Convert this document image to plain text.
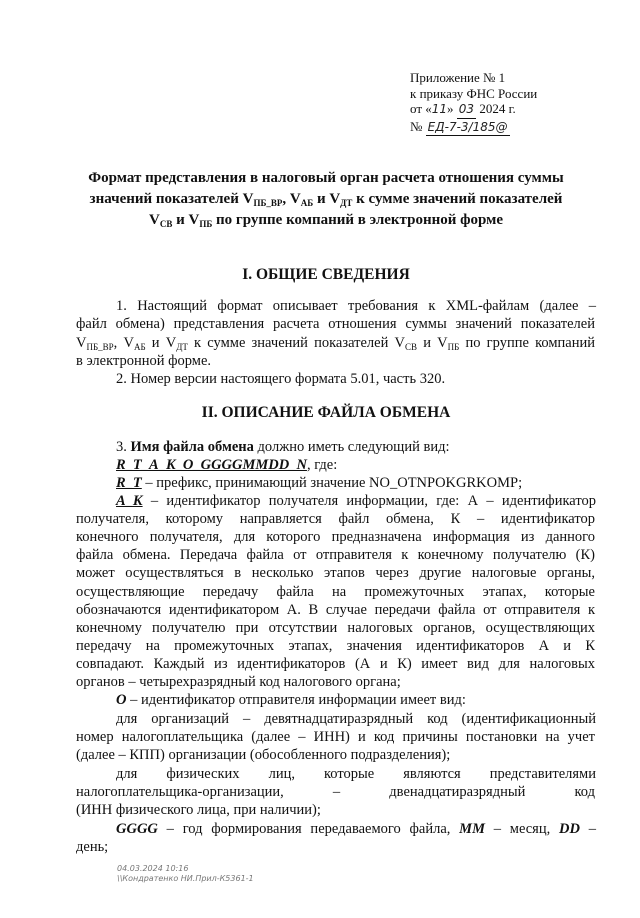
Приложение № 1
к приказу ФНС России
от «11» 03 2024 г.
№ ЕД-7-3/185@
Формат представления в налоговый орган расчета отношения суммы
значений показателей $V_{ПБ\_ВР}$, $V_{АБ}$ и $V_{ДТ}$ к сумме значений показателей
$V_{СВ}$ и $V_{ПБ}$ по группе компаний в электронной форме
I. ОБЩИЕ СВЕДЕНИЯ
1. Настоящий формат описывает требования к XML-файлам (далее –
файл обмена) представления расчета отношения суммы значений показателей
$V_{ПБ\_ВР}$, $V_{АБ}$ и $V_{ДТ}$ к сумме значений показателей $V_{СВ}$ и $V_{ПБ}$ по группе компаний
в электронной форме.
2. Номер версии настоящего формата 5.01, часть 320.
II. ОПИСАНИЕ ФАЙЛА ОБМЕНА
3. Имя файла обмена должно иметь следующий вид:
R_T_A_K_O_GGGGMMDD_N, где:
R_T – префикс, принимающий значение NO_OTNPOKGRKOMP;
A_K – идентификатор получателя информации, где: А – идентификатор
получателя, которому направляется файл обмена, К – идентификатор
конечного получателя, для которого предназначена информация из данного
файла обмена. Передача файла от отправителя к конечному получателю (К)
может осуществляться в несколько этапов через другие налоговые органы,
осуществляющие передачу файла на промежуточных этапах, которые
обозначаются идентификатором А. В случае передачи файла от отправителя к
конечному получателю при отсутствии налоговых органов, осуществляющих
передачу на промежуточных этапах, значения идентификаторов А и К
совпадают. Каждый из идентификаторов (А и К) имеет вид для налоговых
органов – четырехразрядный код налогового органа;
O – идентификатор отправителя информации имеет вид:
для организаций – девятнадцатиразрядный код (идентификационный
номер налогоплательщика (далее – ИНН) и код причины постановки на учет
(далее – КПП) организации (обособленного подразделения);
для физических лиц, которые являются представителями
налогоплательщика-организации, – двенадцатиразрядный код
(ИНН физического лица, при наличии);
GGGG – год формирования передаваемого файла, MM – месяц, DD –
день;
04.03.2024 10:16
\\Кондратенко НИ.Прил-К5361-1
